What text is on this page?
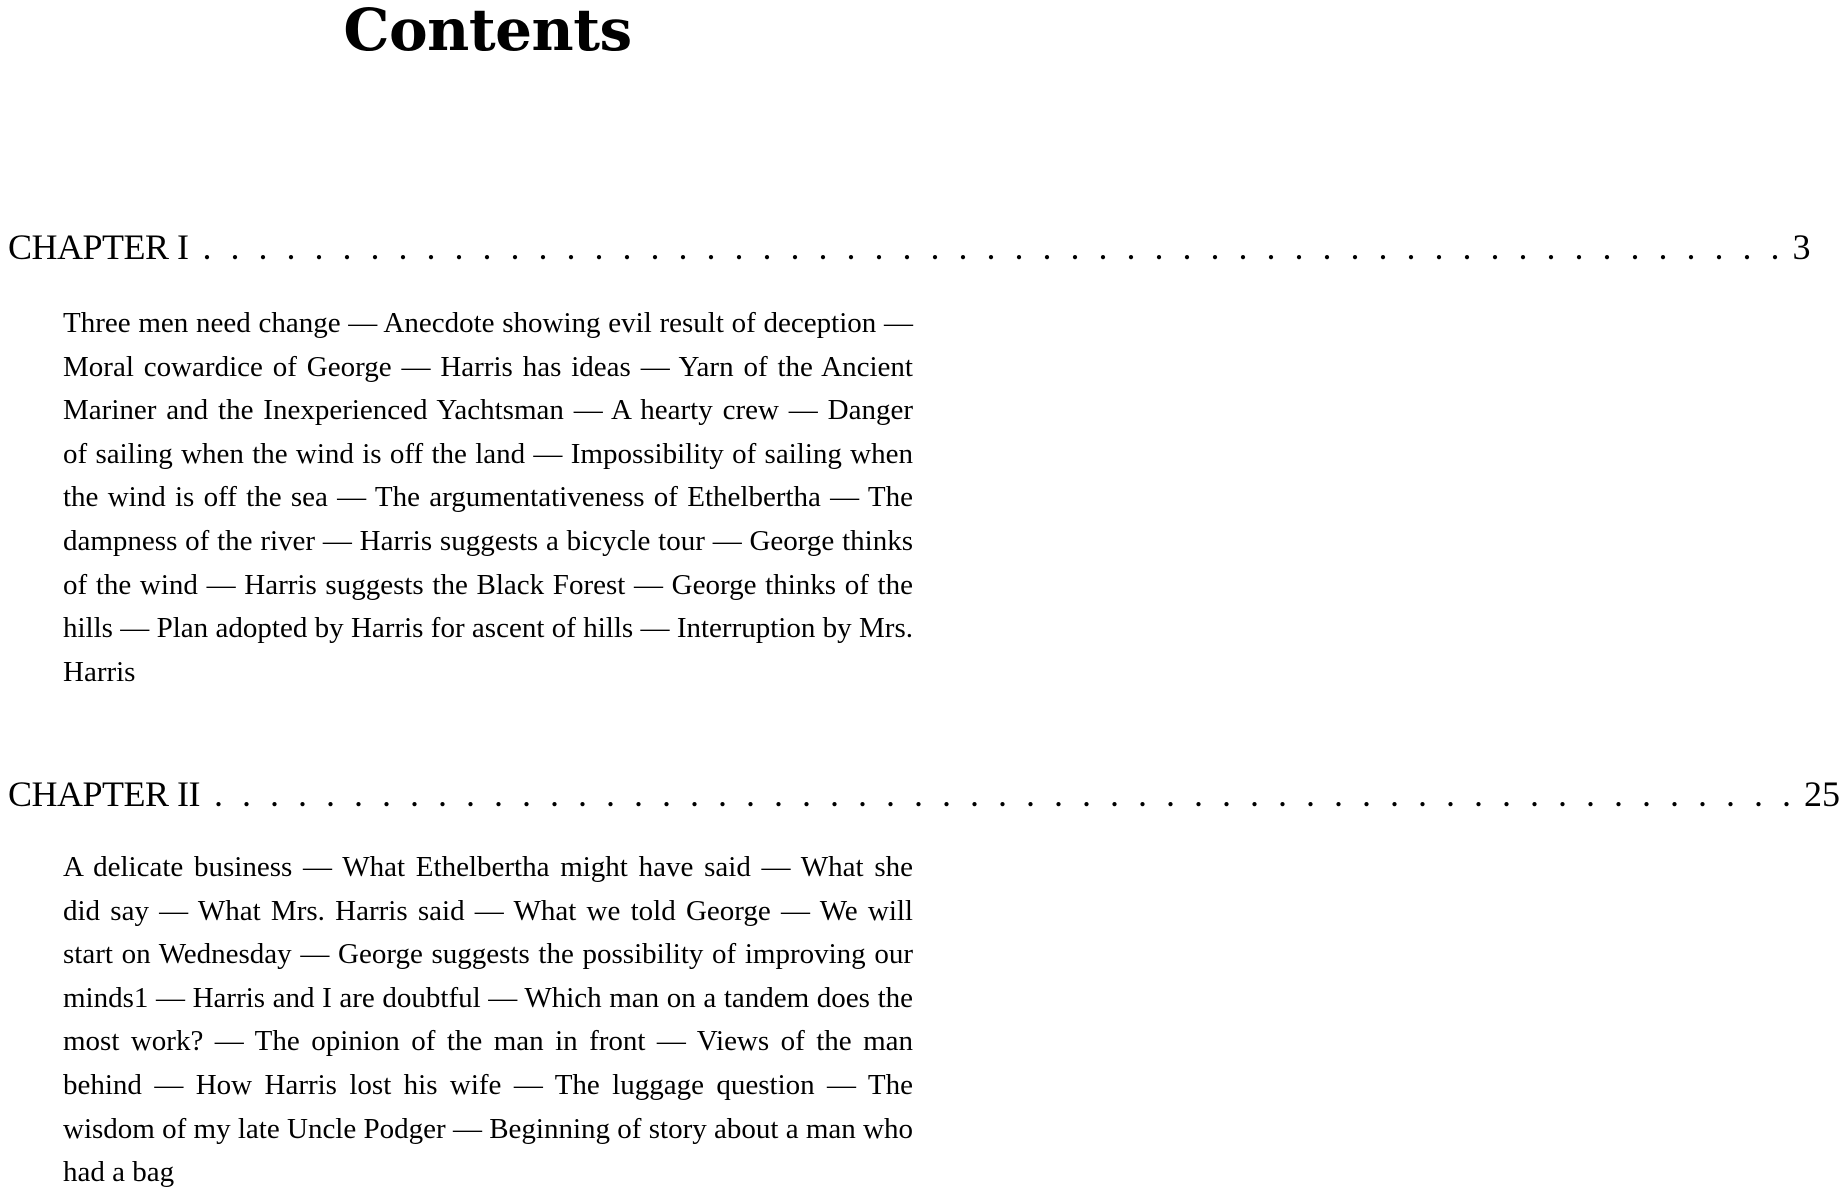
Contents
CHAPTER I . . . . . . . . . . . . . . . . . . . . . . . . . . . . . . . . . . . . . . . . . . . . . . . . . . . . . . . . . 3

Three men need change — Anecdote showing evil result of deception — Moral cowardice of George — Harris has ideas — Yarn of the Ancient Mariner and the Inexperienced Yachtsman — A hearty crew — Danger of sailing when the wind is off the land — Impossibility of sailing when the wind is off the sea — The argumentativeness of Ethelbertha — The dampness of the river — Harris suggests a bicycle tour — George thinks of the wind — Harris suggests the Black Forest — George thinks of the hills — Plan adopted by Harris for ascent of hills — Interruption by Mrs. Harris

CHAPTER II . . . . . . . . . . . . . . . . . . . . . . . . . . . . . . . . . . . . . . . . . . . . . . . . . . . . . . . . . 25

A delicate business — What Ethelbertha might have said — What she did say — What Mrs. Harris said — What we told George — We will start on Wednesday — George suggests the possibility of improving our minds1 — Harris and I are doubtful — Which man on a tandem does the most work? — The opinion of the man in front — Views of the man behind — How Harris lost his wife — The luggage question — The wisdom of my late Uncle Podger — Beginning of story about a man who had a bag
